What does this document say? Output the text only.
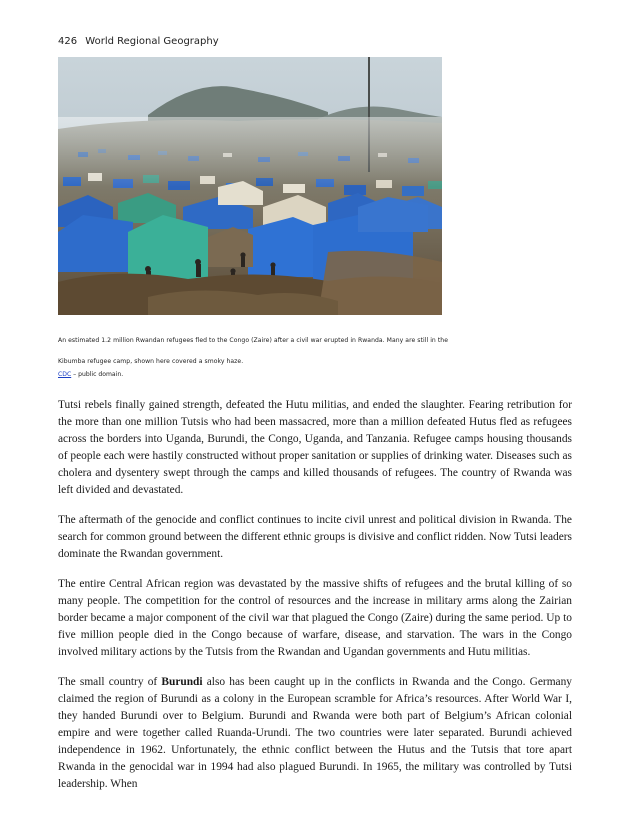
426 World Regional Geography
An estimated 1.2 million Rwandan refugees fled to the Congo (Zaire) after a civil war erupted in Rwanda. Many are still in the Kibumba refugee camp, shown here covered a smoky haze.
CDC – public domain.

Tutsi rebels finally gained strength, defeated the Hutu militias, and ended the slaughter. Fearing retribution for the more than one million Tutsis who had been massacred, more than a million defeated Hutus fled as refugees across the borders into Uganda, Burundi, the Congo, Uganda, and Tanzania. Refugee camps housing thousands of people each were hastily constructed without proper sanitation or supplies of drinking water. Diseases such as cholera and dysentery swept through the camps and killed thousands of refugees. The country of Rwanda was left divided and devastated.

The aftermath of the genocide and conflict continues to incite civil unrest and political division in Rwanda. The search for common ground between the different ethnic groups is divisive and conflict ridden. Now Tutsi leaders dominate the Rwandan government.

The entire Central African region was devastated by the massive shifts of refugees and the brutal killing of so many people. The competition for the control of resources and the increase in military arms along the Zairian border became a major component of the civil war that plagued the Congo (Zaire) during the same period. Up to five million people died in the Congo because of warfare, disease, and starvation. The wars in the Congo involved military actions by the Tutsis from the Rwandan and Ugandan governments and Hutu militias.

The small country of Burundi also has been caught up in the conflicts in Rwanda and the Congo. Germany claimed the region of Burundi as a colony in the European scramble for Africa’s resources. After World War I, they handed Burundi over to Belgium. Burundi and Rwanda were both part of Belgium’s African colonial empire and were together called Ruanda-Urundi. The two countries were later separated. Burundi achieved independence in 1962. Unfortunately, the ethnic conflict between the Hutus and the Tutsis that tore apart Rwanda in the genocidal war in 1994 had also plagued Burundi. In 1965, the military was controlled by Tutsi leadership. When
